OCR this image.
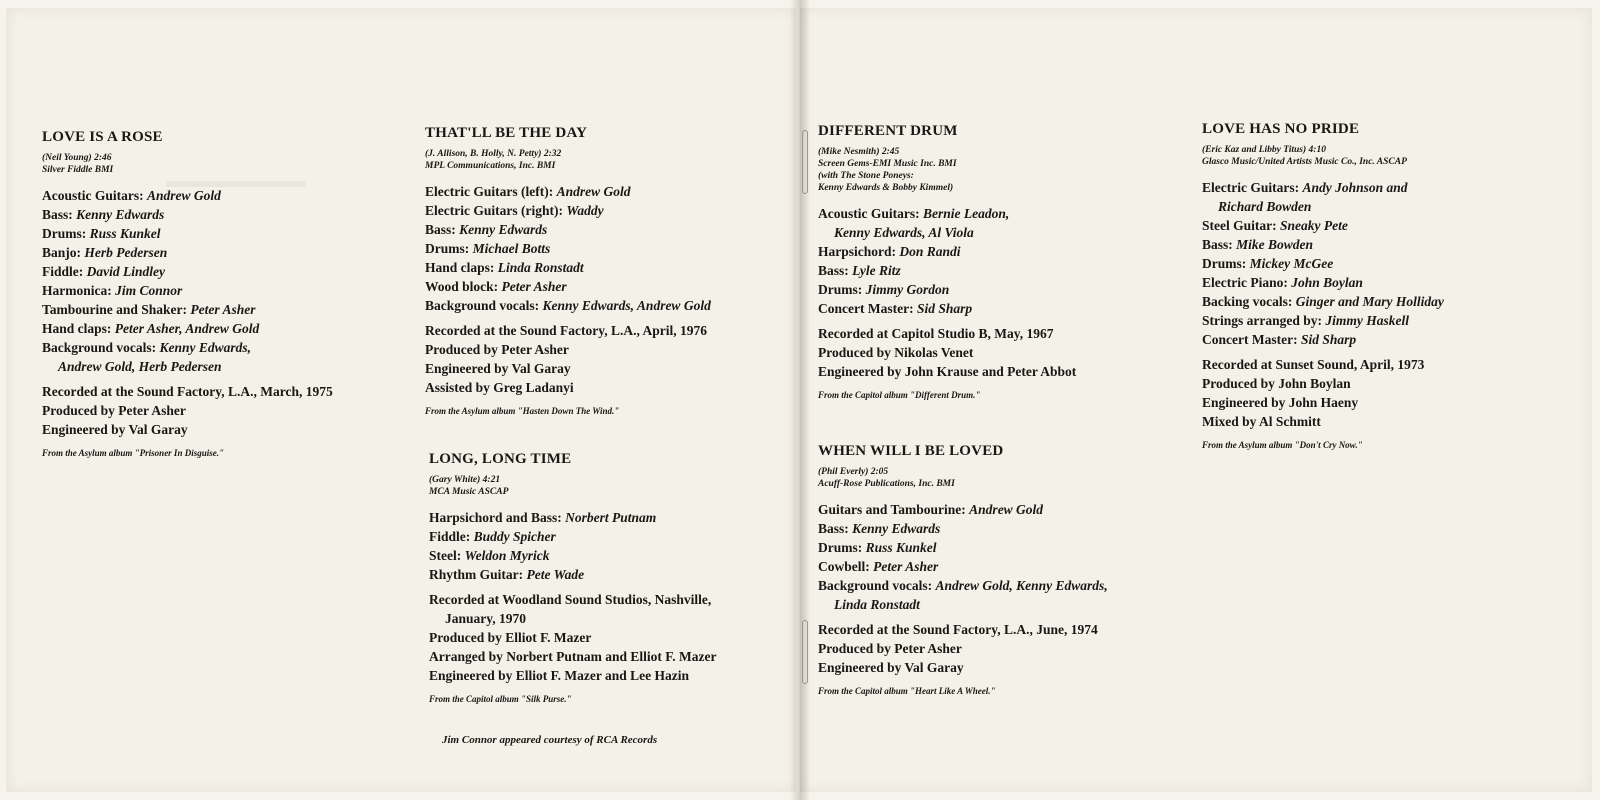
▬▬▬▬▬▬▬
LOVE IS A ROSE
(Neil Young) 2:46
Silver Fiddle BMI
Acoustic Guitars: Andrew Gold
Bass: Kenny Edwards
Drums: Russ Kunkel
Banjo: Herb Pedersen
Fiddle: David Lindley
Harmonica: Jim Connor
Tambourine and Shaker: Peter Asher
Hand claps: Peter Asher, Andrew Gold
Background vocals: Kenny Edwards,
Andrew Gold, Herb Pedersen
Recorded at the Sound Factory, L.A., March, 1975
Produced by Peter Asher
Engineered by Val Garay
From the Asylum album "Prisoner In Disguise."
THAT'LL BE THE DAY
(J. Allison, B. Holly, N. Petty) 2:32
MPL Communications, Inc. BMI
Electric Guitars (left): Andrew Gold
Electric Guitars (right): Waddy
Bass: Kenny Edwards
Drums: Michael Botts
Hand claps: Linda Ronstadt
Wood block: Peter Asher
Background vocals: Kenny Edwards, Andrew Gold
Recorded at the Sound Factory, L.A., April, 1976
Produced by Peter Asher
Engineered by Val Garay
Assisted by Greg Ladanyi
From the Asylum album "Hasten Down The Wind."
LONG, LONG TIME
(Gary White) 4:21
MCA Music ASCAP
Harpsichord and Bass: Norbert Putnam
Fiddle: Buddy Spicher
Steel: Weldon Myrick
Rhythm Guitar: Pete Wade
Recorded at Woodland Sound Studios, Nashville,
January, 1970
Produced by Elliot F. Mazer
Arranged by Norbert Putnam and Elliot F. Mazer
Engineered by Elliot F. Mazer and Lee Hazin
From the Capitol album "Silk Purse."
DIFFERENT DRUM
(Mike Nesmith) 2:45
Screen Gems-EMI Music Inc. BMI
(with The Stone Poneys:
Kenny Edwards & Bobby Kimmel)
Acoustic Guitars: Bernie Leadon,
Kenny Edwards, Al Viola
Harpsichord: Don Randi
Bass: Lyle Ritz
Drums: Jimmy Gordon
Concert Master: Sid Sharp
Recorded at Capitol Studio B, May, 1967
Produced by Nikolas Venet
Engineered by John Krause and Peter Abbot
From the Capitol album "Different Drum."
WHEN WILL I BE LOVED
(Phil Everly) 2:05
Acuff-Rose Publications, Inc. BMI
Guitars and Tambourine: Andrew Gold
Bass: Kenny Edwards
Drums: Russ Kunkel
Cowbell: Peter Asher
Background vocals: Andrew Gold, Kenny Edwards,
Linda Ronstadt
Recorded at the Sound Factory, L.A., June, 1974
Produced by Peter Asher
Engineered by Val Garay
From the Capitol album "Heart Like A Wheel."
LOVE HAS NO PRIDE
(Eric Kaz and Libby Titus) 4:10
Glasco Music/United Artists Music Co., Inc. ASCAP
Electric Guitars: Andy Johnson and
Richard Bowden
Steel Guitar: Sneaky Pete
Bass: Mike Bowden
Drums: Mickey McGee
Electric Piano: John Boylan
Backing vocals: Ginger and Mary Holliday
Strings arranged by: Jimmy Haskell
Concert Master: Sid Sharp
Recorded at Sunset Sound, April, 1973
Produced by John Boylan
Engineered by John Haeny
Mixed by Al Schmitt
From the Asylum album "Don't Cry Now."
Jim Connor appeared courtesy of RCA Records
